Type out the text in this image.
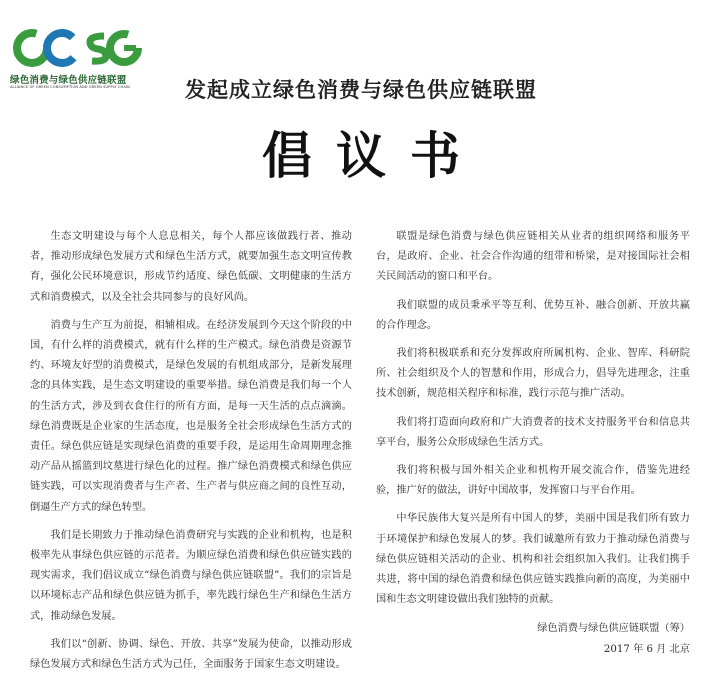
绿色消费与绿色供应链联盟
ALLIANCE OF GREEN CONSUMPTION AND GREEN SUPPLY CHAIN	发起成立绿色消费与绿色供应链联盟
倡议书

生态文明建设与每个人息息相关，每个人都应该做践行者、推动者，推动形成绿色发展方式和绿色生活方式，就要加强生态文明宣传教育，强化公民环境意识，形成节约适度、绿色低碳、文明健康的生活方式和消费模式，以及全社会共同参与的良好风尚。

消费与生产互为前提，相辅相成。在经济发展到今天这个阶段的中国，有什么样的消费模式，就有什么样的生产模式。绿色消费是资源节约、环境友好型的消费模式，是绿色发展的有机组成部分，是新发展理念的具体实践，是生态文明建设的重要举措。绿色消费是我们每一个人的生活方式，涉及到衣食住行的所有方面，是每一天生活的点点滴滴。绿色消费既是企业家的生活态度，也是服务全社会形成绿色生活方式的责任。绿色供应链是实现绿色消费的重要手段，是运用生命周期理念推动产品从摇篮到坟墓进行绿色化的过程。推广绿色消费模式和绿色供应链实践，可以实现消费者与生产者、生产者与供应商之间的良性互动，倒逼生产方式的绿色转型。

我们是长期致力于推动绿色消费研究与实践的企业和机构，也是积极率先从事绿色供应链的示范者。为顺应绿色消费和绿色供应链实践的现实需求，我们倡议成立“绿色消费与绿色供应链联盟”。我们的宗旨是以环境标志产品和绿色供应链为抓手，率先践行绿色生产和绿色生活方式，推动绿色发展。

我们以“创新、协调、绿色、开放、共享”发展为使命，以推动形成绿色发展方式和绿色生活方式为己任，全面服务于国家生态文明建设。

联盟是绿色消费与绿色供应链相关从业者的组织网络和服务平台，是政府、企业、社会合作沟通的纽带和桥梁，是对接国际社会相关民间活动的窗口和平台。

我们联盟的成员秉承平等互利、优势互补、融合创新、开放共赢的合作理念。

我们将积极联系和充分发挥政府所属机构、企业、智库、科研院所、社会组织及个人的智慧和作用，形成合力，倡导先进理念，注重技术创新，规范相关程序和标准，践行示范与推广活动。

我们将打造面向政府和广大消费者的技术支持服务平台和信息共享平台，服务公众形成绿色生活方式。

我们将积极与国外相关企业和机构开展交流合作，借鉴先进经验，推广好的做法，讲好中国故事，发挥窗口与平台作用。

中华民族伟大复兴是所有中国人的梦，美丽中国是我们所有致力于环境保护和绿色发展人的梦。我们诚邀所有致力于推动绿色消费与绿色供应链相关活动的企业、机构和社会组织加入我们。让我们携手共进，将中国的绿色消费和绿色供应链实践推向新的高度，为美丽中国和生态文明建设做出我们独特的贡献。

绿色消费与绿色供应链联盟（筹）
2017 年 6 月 北京
